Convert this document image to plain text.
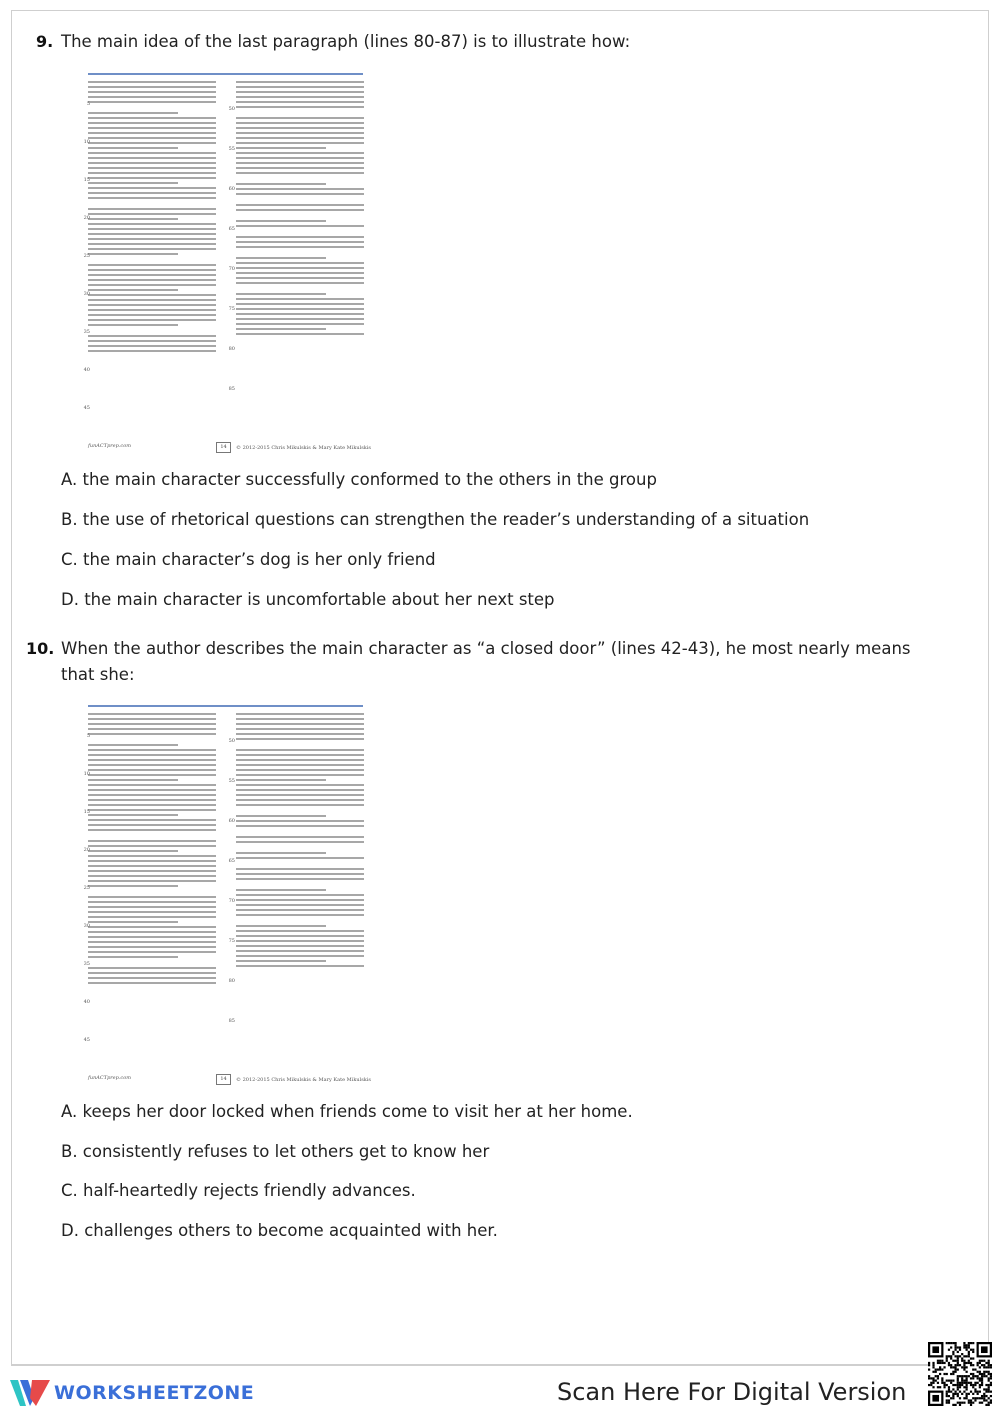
9. The main idea of the last paragraph (lines 80-87) is to illustrate how:
5
10
15
20
25
30
35
40
45
50
55
60
65
70
75
80
85
funACTprep.com	14	© 2012-2015 Chris Mikulskis & Mary Kate Mikulskis
A. the main character successfully conformed to the others in the group
B. the use of rhetorical questions can strengthen the reader’s understanding of a situation
C. the main character’s dog is her only friend
D. the main character is uncomfortable about her next step
10. When the author describes the main character as “a closed door” (lines 42-43), he most nearly means that she:
5
10
15
20
25
30
35
40
45
50
55
60
65
70
75
80
85
funACTprep.com	14	© 2012-2015 Chris Mikulskis & Mary Kate Mikulskis
A. keeps her door locked when friends come to visit her at her home.
B. consistently refuses to let others get to know her
C. half-heartedly rejects friendly advances.
D. challenges others to become acquainted with her.
WORKSHEETZONE	Scan Here For Digital Version
